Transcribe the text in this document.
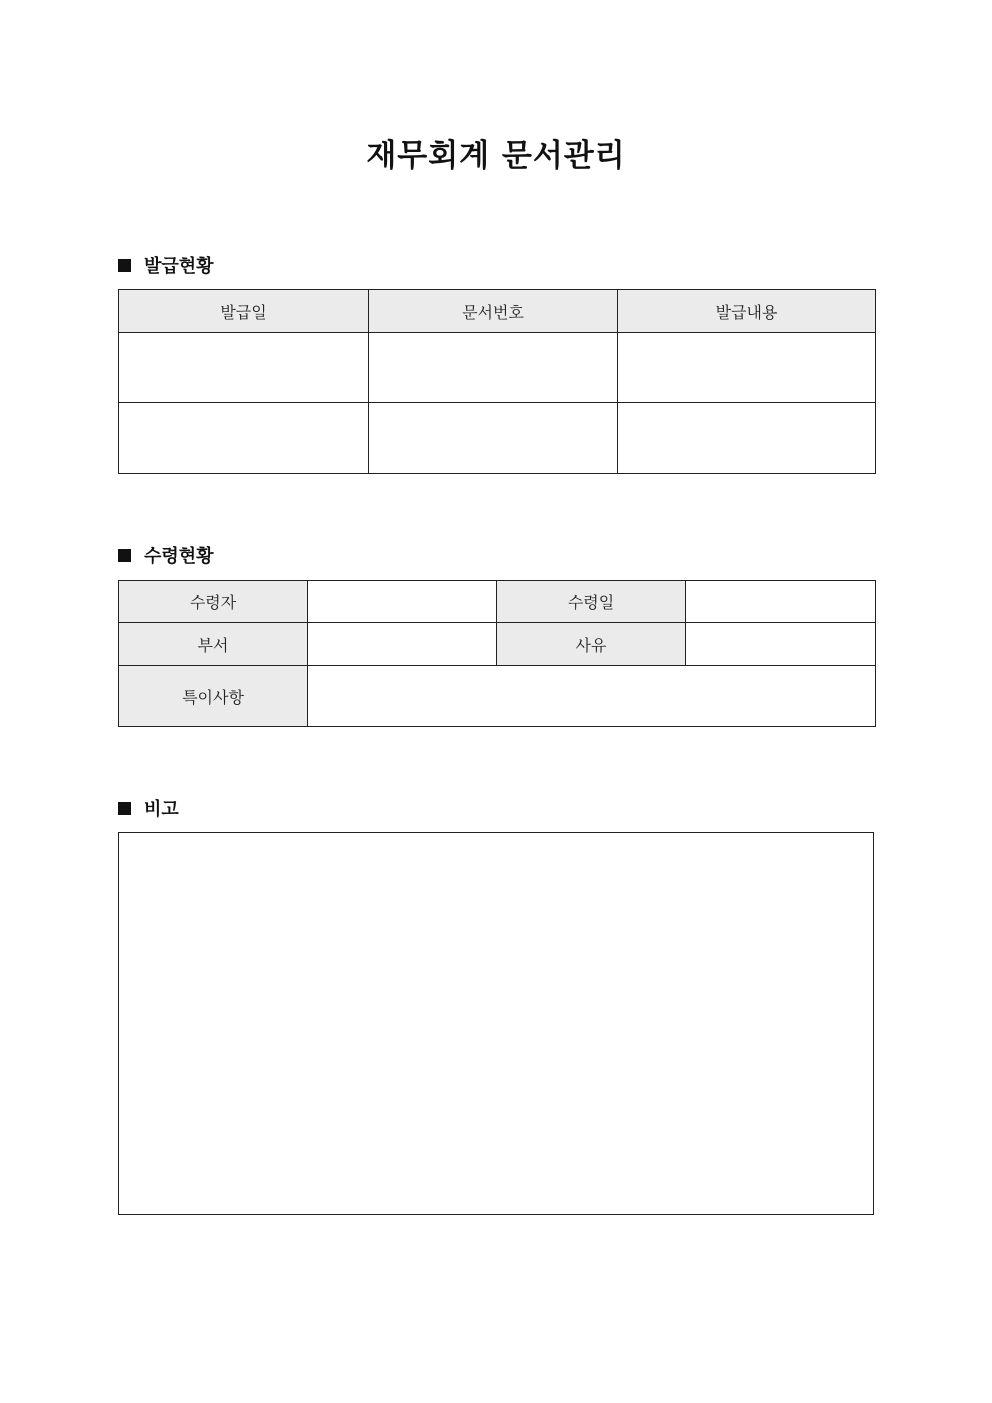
재무회계 문서관리
발급현황
발급일	문서번호	발급내용

수령현황
수령자		수령일	
부서		사유	
특이사항			
비고
